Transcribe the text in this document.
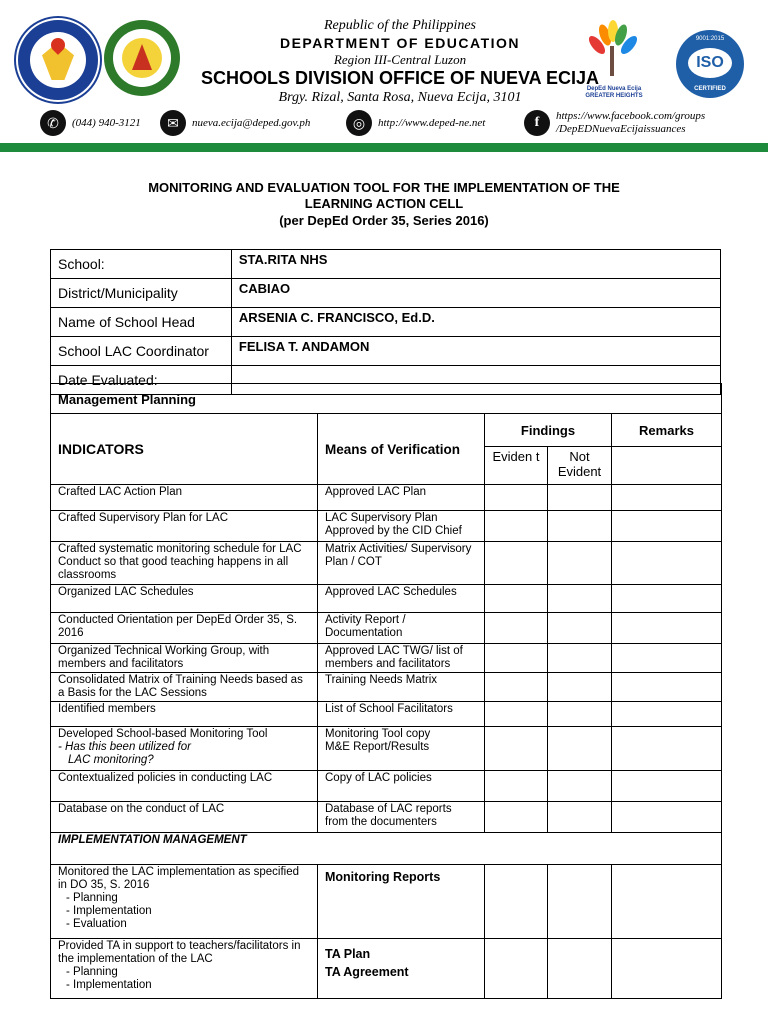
Republic of the Philippines
DEPARTMENT OF EDUCATION
Region III-Central Luzon
SCHOOLS DIVISION OFFICE OF NUEVA ECIJA
Brgy. Rizal, Santa Rosa, Nueva Ecija, 3101
DepEd Nueva Ecija GREATER HEIGHTS
9001:2015
ISO
CERTIFIED
✆	(044) 940-3121	✉	nueva.ecija@deped.gov.ph	◎	http://www.deped-ne.net	f	https://www.facebook.com/groups
/DepEDNuevaEcijaissuances
MONITORING AND EVALUATION TOOL FOR THE IMPLEMENTATION OF THE
LEARNING ACTION CELL
(per DepEd Order 35, Series 2016)
School:	STA.RITA NHS
District/Municipality	CABIAO
Name of School Head	ARSENIA C. FRANCISCO, Ed.D.
School LAC Coordinator	FELISA T. ANDAMON
Date Evaluated:	
Management Planning				
INDICATORS	Means of Verification	Findings		Remarks
		Eviden t	Not Evident	
Crafted LAC Action Plan	Approved LAC Plan			
Crafted Supervisory Plan for LAC	LAC Supervisory Plan Approved by the CID Chief			
Crafted systematic monitoring schedule for LAC Conduct so that good teaching happens in all classrooms	Matrix Activities/ Supervisory Plan / COT			
Organized LAC Schedules	Approved LAC Schedules			
Conducted Orientation per DepEd Order 35, S. 2016	Activity Report / Documentation			
Organized Technical Working Group, with members and facilitators	Approved LAC TWG/ list of members and facilitators			
Consolidated Matrix of Training Needs based as a Basis for the LAC Sessions	Training Needs Matrix			
Identified members	List of School Facilitators			
Developed School-based Monitoring Tool
- Has this been utilized for

LAC monitoring?	Monitoring Tool copy
M&E Report/Results			
Contextualized policies in conducting LAC	Copy of LAC policies			
Database on the conduct of LAC	Database of LAC reports from the documenters			
IMPLEMENTATION MANAGEMENT				
Monitored the LAC implementation as specified in DO 35, S. 2016
- Planning
- Implementation
- Evaluation	Monitoring Reports			
Provided TA in support to teachers/facilitators in the implementation of the LAC
- Planning
- Implementation	TA Plan
TA Agreement			
